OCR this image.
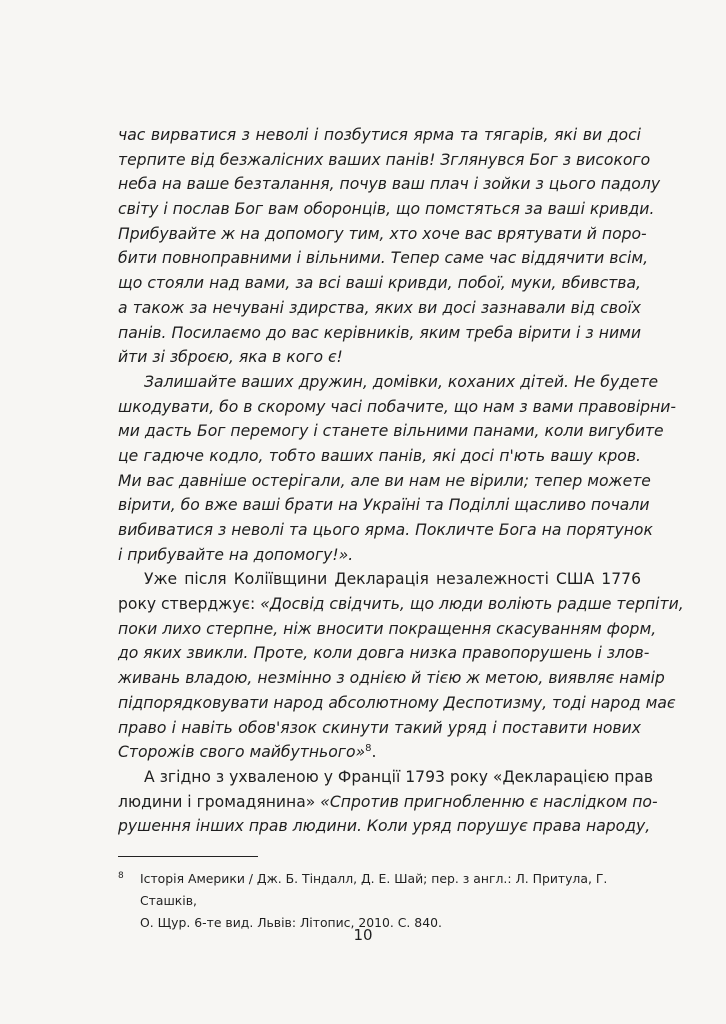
час вирватися з неволі і позбутися ярма та тягарів, які ви досі
терпите від безжалісних ваших панів! Зглянувся Бог з високого
неба на ваше безталання, почув ваш плач і зойки з цього падолу
світу і послав Бог вам оборонців, що помстяться за ваші кривди.
Прибувайте ж на допомогу тим, хто хоче вас врятувати й поро-
бити повноправними і вільними. Тепер саме час віддячити всім,
що стояли над вами, за всі ваші кривди, побої, муки, вбивства,
а також за нечувані здирства, яких ви досі зазнавали від своїх
панів. Посилаємо до вас керівників, яким треба вірити і з ними
йти зі зброєю, яка в кого є!
Залишайте ваших дружин, домівки, коханих дітей. Не будете
шкодувати, бо в скорому часі побачите, що нам з вами правовірни-
ми дасть Бог перемогу і станете вільними панами, коли вигубите
це гадюче кодло, тобто ваших панів, які досі п'ють вашу кров.
Ми вас давніше остерігали, але ви нам не вірили; тепер можете
вірити, бо вже ваші брати на Україні та Поділлі щасливо почали
вибиватися з неволі та цього ярма. Покличте Бога на порятунок
і прибувайте на допомогу!».
Уже після Коліївщини Декларація незалежності США 1776
року стверджує: «Досвід свідчить, що люди воліють радше терпіти,
поки лихо стерпне, ніж вносити покращення скасуванням форм,
до яких звикли. Проте, коли довга низка правопорушень і злов-
живань владою, незмінно з однією й тією ж метою, виявляє намір
підпорядковувати народ абсолютному Деспотизму, тоді народ має
право і навіть обов'язок скинути такий уряд і поставити нових
Сторожів свого майбутнього»$^8$.
А згідно з ухваленою у Франції 1793 року «Декларацією прав
людини і громадянина» «Спротив пригнобленню є наслідком по-
рушення інших прав людини. Коли уряд порушує права народу,
8 Історія Америки / Дж. Б. Тіндалл, Д. Е. Шай; пер. з англ.: Л. Притула, Г. Сташків,
О. Щур. 6-те вид. Львів: Літопис, 2010. С. 840.
10
